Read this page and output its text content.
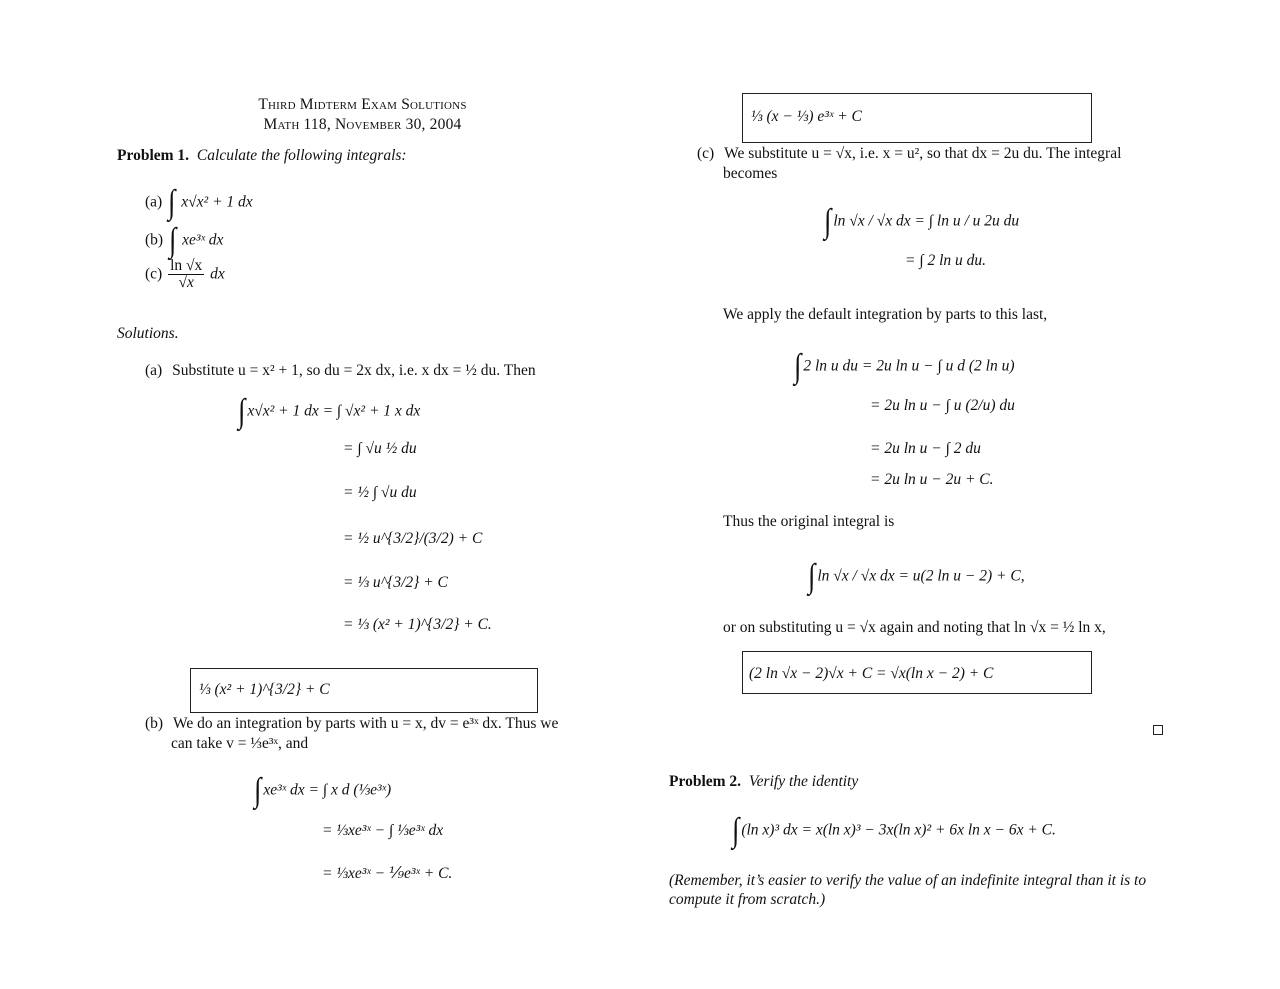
Third Midterm Exam Solutions
Math 118, November 30, 2004
Problem 1. Calculate the following integrals:
(a) ∫ x√x² + 1 dx
(b) ∫ xe³ˣ dx
$(c) \frac{\ln √x}{√x}$ dx
Solutions.
(a) Substitute u = x² + 1, so du = 2x dx, i.e. x dx = ½ du. Then
∫ x√x² + 1 dx = ∫ √x² + 1 x dx
= ∫ √u ½ du
= ½ ∫ √u du
= ½ u^{3/2}/(3/2) + C
= ⅓ u^{3/2} + C
= ⅓ (x² + 1)^{3/2} + C.
⅓ (x² + 1)^{3/2} + C
(b) We do an integration by parts with u = x, dv = e³ˣ dx. Thus we
can take v = ⅓e³ˣ, and
∫ xe³ˣ dx = ∫ x d (⅓e³ˣ)
= ⅓xe³ˣ − ∫ ⅓e³ˣ dx
= ⅓xe³ˣ − ⅑e³ˣ + C.
⅓ (x − ⅓) e³ˣ + C
(c) We substitute u = √x, i.e. x = u², so that dx = 2u du. The integral
becomes
∫ ln √x / √x dx = ∫ ln u / u 2u du
= ∫ 2 ln u du.
We apply the default integration by parts to this last,
∫ 2 ln u du = 2u ln u − ∫ u d (2 ln u)
= 2u ln u − ∫ u (2/u) du
= 2u ln u − ∫ 2 du
= 2u ln u − 2u + C.
Thus the original integral is
∫ ln √x / √x dx = u(2 ln u − 2) + C,
or on substituting u = √x again and noting that ln √x = ½ ln x,
(2 ln √x − 2)√x + C = √x(ln x − 2) + C
Problem 2. Verify the identity
∫ (ln x)³ dx = x(ln x)³ − 3x(ln x)² + 6x ln x − 6x + C.
(Remember, it’s easier to verify the value of an indefinite integral than it is to
compute it from scratch.)
